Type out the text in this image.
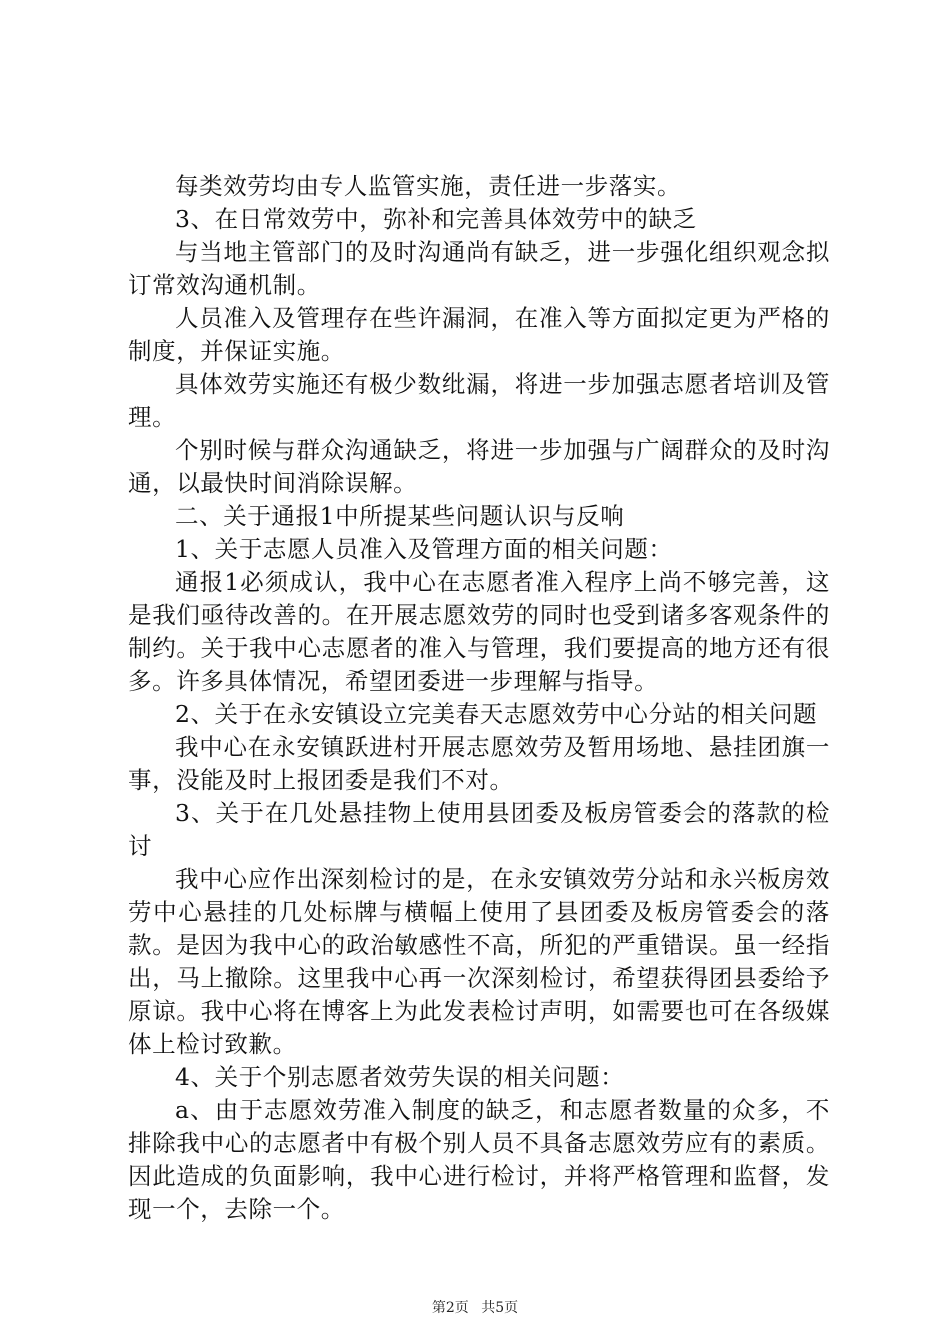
每类效劳均由专人监管实施，责任进一步落实。

3、在日常效劳中，弥补和完善具体效劳中的缺乏

与当地主管部门的及时沟通尚有缺乏，进一步强化组织观念拟订常效沟通机制。

人员准入及管理存在些许漏洞，在准入等方面拟定更为严格的制度，并保证实施。

具体效劳实施还有极少数纰漏，将进一步加强志愿者培训及管理。

个别时候与群众沟通缺乏，将进一步加强与广阔群众的及时沟通，以最快时间消除误解。

二、关于通报1中所提某些问题认识与反响

1、关于志愿人员准入及管理方面的相关问题：

通报1必须成认，我中心在志愿者准入程序上尚不够完善，这是我们亟待改善的。在开展志愿效劳的同时也受到诸多客观条件的制约。关于我中心志愿者的准入与管理，我们要提高的地方还有很多。许多具体情况，希望团委进一步理解与指导。

2、关于在永安镇设立完美春天志愿效劳中心分站的相关问题

我中心在永安镇跃进村开展志愿效劳及暂用场地、悬挂团旗一事，没能及时上报团委是我们不对。

3、关于在几处悬挂物上使用县团委及板房管委会的落款的检讨

我中心应作出深刻检讨的是，在永安镇效劳分站和永兴板房效劳中心悬挂的几处标牌与横幅上使用了县团委及板房管委会的落款。是因为我中心的政治敏感性不高，所犯的严重错误。虽一经指出，马上撤除。这里我中心再一次深刻检讨，希望获得团县委给予原谅。我中心将在博客上为此发表检讨声明，如需要也可在各级媒体上检讨致歉。

4、关于个别志愿者效劳失误的相关问题：

a、由于志愿效劳准入制度的缺乏，和志愿者数量的众多，不排除我中心的志愿者中有极个别人员不具备志愿效劳应有的素质。因此造成的负面影响，我中心进行检讨，并将严格管理和监督，发现一个，去除一个。

第2页 共5页
